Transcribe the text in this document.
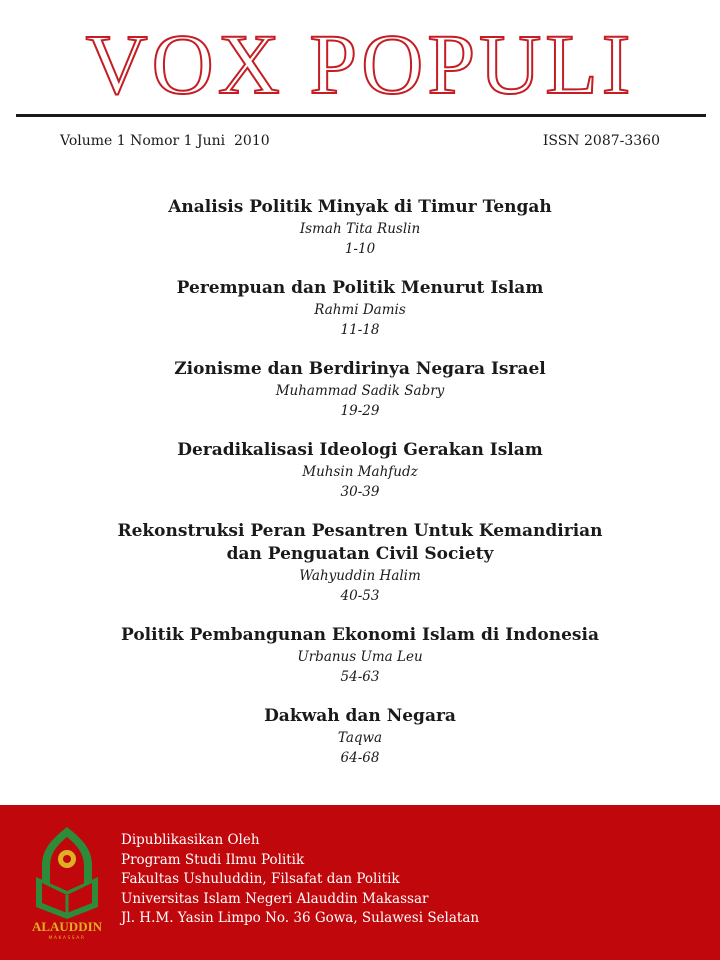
VOX POPULI
Volume 1 Nomor 1 Juni  2010	ISSN 2087-3360
Analisis Politik Minyak di Timur Tengah
Ismah Tita Ruslin
1-10
Perempuan dan Politik Menurut Islam
Rahmi Damis
11-18
Zionisme dan Berdirinya Negara Israel
Muhammad Sadik Sabry
19-29
Deradikalisasi Ideologi Gerakan Islam
Muhsin Mahfudz
30-39
Rekonstruksi Peran Pesantren Untuk Kemandirian
dan Penguatan Civil Society
Wahyuddin Halim
40-53
Politik Pembangunan Ekonomi Islam di Indonesia
Urbanus Uma Leu
54-63
Dakwah dan Negara
Taqwa
64-68
ALAUDDIN
MAKASSAR
Dipublikasikan Oleh
Program Studi Ilmu Politik
Fakultas Ushuluddin, Filsafat dan Politik
Universitas Islam Negeri Alauddin Makassar
Jl. H.M. Yasin Limpo No. 36 Gowa, Sulawesi Selatan
